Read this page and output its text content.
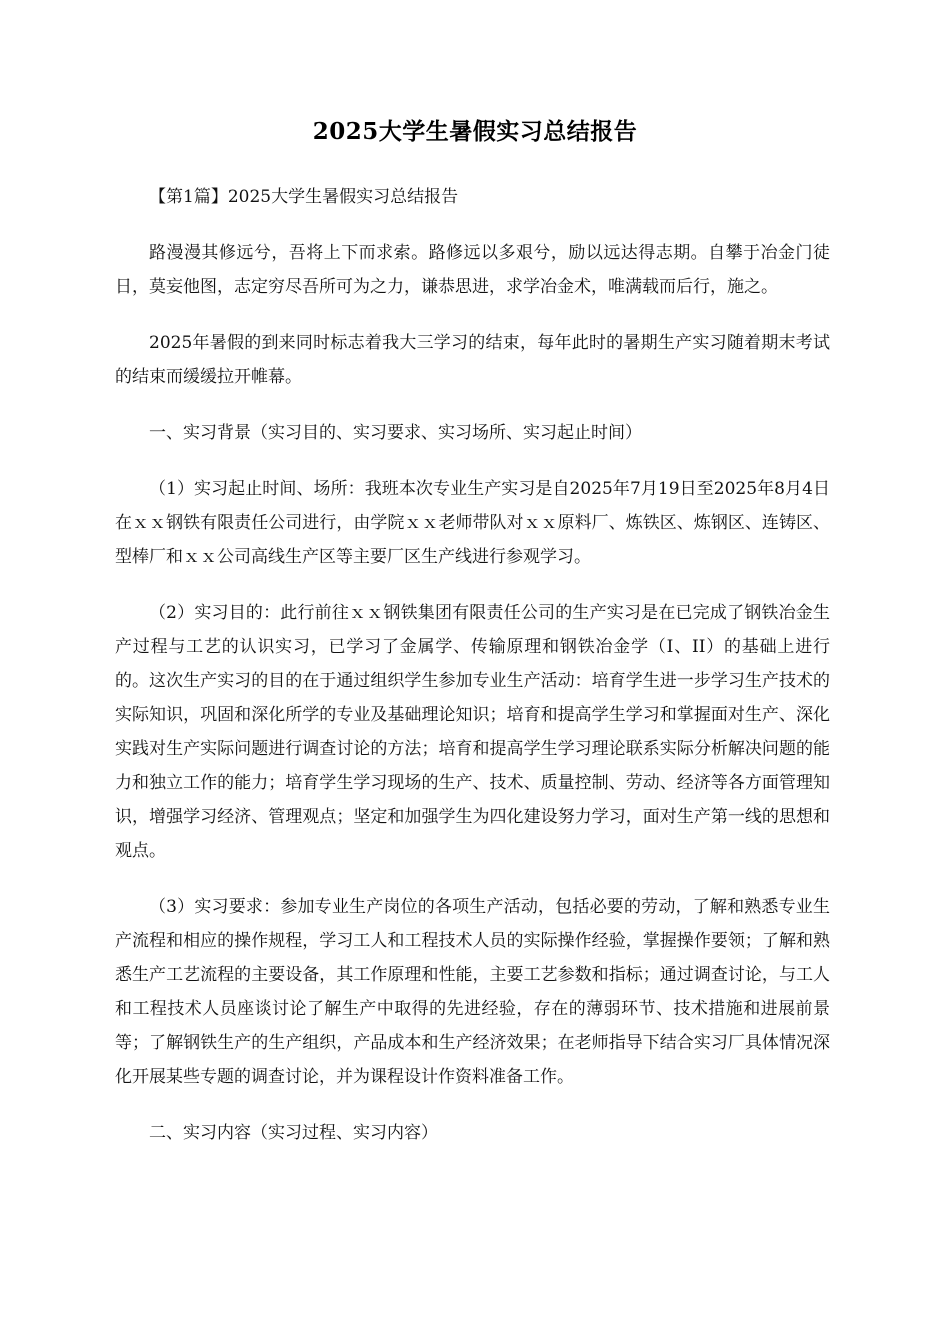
2025大学生暑假实习总结报告

【第1篇】2025大学生暑假实习总结报告

路漫漫其修远兮，吾将上下而求索。路修远以多艰兮，励以远达得志期。自攀于冶金门徒日，莫妄他图，志定穷尽吾所可为之力，谦恭思进，求学冶金术，唯满载而后行，施之。

2025年暑假的到来同时标志着我大三学习的结束，每年此时的暑期生产实习随着期末考试的结束而缓缓拉开帷幕。

一、实习背景（实习目的、实习要求、实习场所、实习起止时间）

（1）实习起止时间、场所：我班本次专业生产实习是自2025年7月19日至2025年8月4日在ｘｘ钢铁有限责任公司进行，由学院ｘｘ老师带队对ｘｘ原料厂、炼铁区、炼钢区、连铸区、型棒厂和ｘｘ公司高线生产区等主要厂区生产线进行参观学习。

（2）实习目的：此行前往ｘｘ钢铁集团有限责任公司的生产实习是在已完成了钢铁冶金生产过程与工艺的认识实习，已学习了金属学、传输原理和钢铁冶金学（I、II）的基础上进行的。这次生产实习的目的在于通过组织学生参加专业生产活动：培育学生进一步学习生产技术的实际知识，巩固和深化所学的专业及基础理论知识；培育和提高学生学习和掌握面对生产、深化实践对生产实际问题进行调查讨论的方法；培育和提高学生学习理论联系实际分析解决问题的能力和独立工作的能力；培育学生学习现场的生产、技术、质量控制、劳动、经济等各方面管理知识，增强学习经济、管理观点；坚定和加强学生为四化建设努力学习，面对生产第一线的思想和观点。

（3）实习要求：参加专业生产岗位的各项生产活动，包括必要的劳动，了解和熟悉专业生产流程和相应的操作规程，学习工人和工程技术人员的实际操作经验，掌握操作要领；了解和熟悉生产工艺流程的主要设备，其工作原理和性能，主要工艺参数和指标；通过调查讨论，与工人和工程技术人员座谈讨论了解生产中取得的先进经验，存在的薄弱环节、技术措施和进展前景等；了解钢铁生产的生产组织，产品成本和生产经济效果；在老师指导下结合实习厂具体情况深化开展某些专题的调查讨论，并为课程设计作资料准备工作。

二、实习内容（实习过程、实习内容）
